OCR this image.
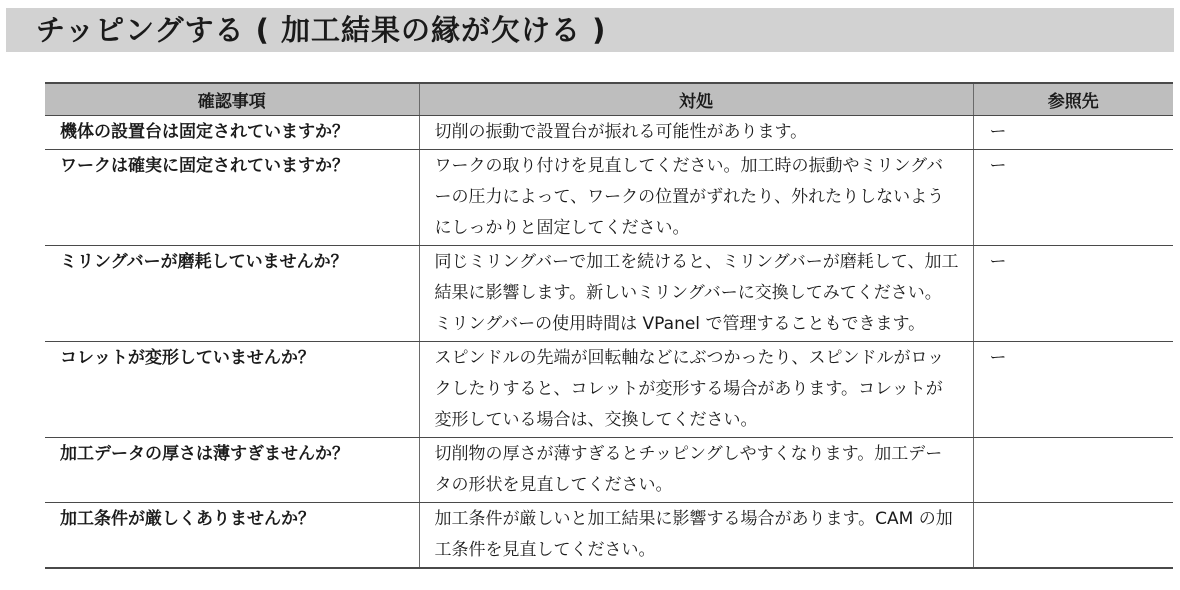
チッピングする ( 加工結果の縁が欠ける )
確認事項	対処	参照先
機体の設置台は固定されていますか？	切削の振動で設置台が振れる可能性があります。	ー
ワークは確実に固定されていますか？	ワークの取り付けを見直してください。加工時の振動やミリングバーの圧力によって、ワークの位置がずれたり、外れたりしないようにしっかりと固定してください。	ー
ミリングバーが磨耗していませんか？	同じミリングバーで加工を続けると、ミリングバーが磨耗して、加工結果に影響します。新しいミリングバーに交換してみてください。ミリングバーの使用時間は VPanel で管理することもできます。	ー
コレットが変形していませんか？	スピンドルの先端が回転軸などにぶつかったり、スピンドルがロックしたりすると、コレットが変形する場合があります。コレットが変形している場合は、交換してください。	ー
加工データの厚さは薄すぎませんか？	切削物の厚さが薄すぎるとチッピングしやすくなります。加工データの形状を見直してください。	
加工条件が厳しくありませんか？	加工条件が厳しいと加工結果に影響する場合があります。CAM の加工条件を見直してください。	
